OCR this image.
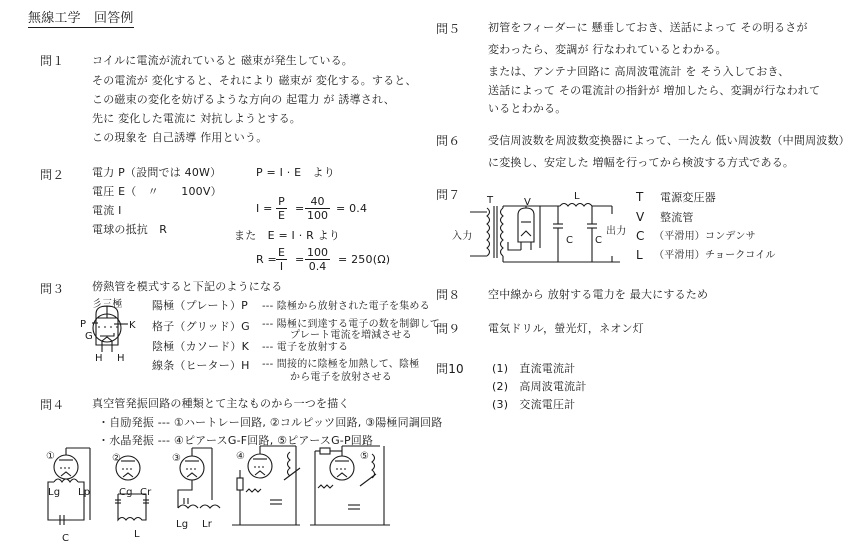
無線工学　回答例
問１	コイルに電流が流れていると 磁束が発生している。
その電流が 変化すると、それにより 磁束が 変化する。すると、
この磁束の変化を妨げるような方向の 起電力 が 誘導され、
先に 変化した電流に 対抗しようとする。
この現象を 自己誘導 作用という。
問２	電力 P（設問では 40W）
電圧 E（　〃　　100V）
電流 I
電球の抵抗　R
P = I · E　より
$I = \frac{P}{E} = \frac{40}{100} = 0.4$
また　E = I · R より
$R = \frac{E}{I} = \frac{100}{0.4} = 250(\Omega)$
問３	傍熱管を模式すると下記のようになる
彡三極
P
G
K
H H
陽極（プレート）P --- 陰極から放射された電子を集める
格子（グリッド）G --- 陽極に到達する電子の数を制御して
プレート電流を増減させる
陰極（カソード）K --- 電子を放射する
線条（ヒーター）H --- 間接的に陰極を加熱して、陰極
から電子を放射させる
問４	真空管発振回路の種類とて主なものから一つを描く
・自励発振 --- ①ハートレー回路, ②コルピッツ回路, ③陽極同調回路
・水晶発振 --- ④ピアースG-F回路, ⑤ピアースG-P回路
①	②	③	④	⑤
Lg Lp
C
Cg Cr
L
Lg Lr
問５	初管をフィーダーに 懸垂しておき、送話によって その明るさが
変わったら、変調が 行なわれているとわかる。
または、アンテナ回路に 高周波電流計 を そう入しておき、
送話によって その電流計の指針が 増加したら、変調が行なわれて
いるとわかる。
問６	受信周波数を周波数変換器によって、一たん 低い周波数（中間周波数）
に変換し、安定した 増幅を行ってから検波する方式である。
問７	T	V
L
C C
入力	出力
T 電源変圧器
V 整流管
C （平滑用）コンデンサ
L （平滑用）チョークコイル
問８	空中線から 放射する電力を 最大にするため
問９	電気ドリル，螢光灯，ネオン灯
問10	(1)　直流電流計
(2)　高周波電流計
(3)　交流電圧計
